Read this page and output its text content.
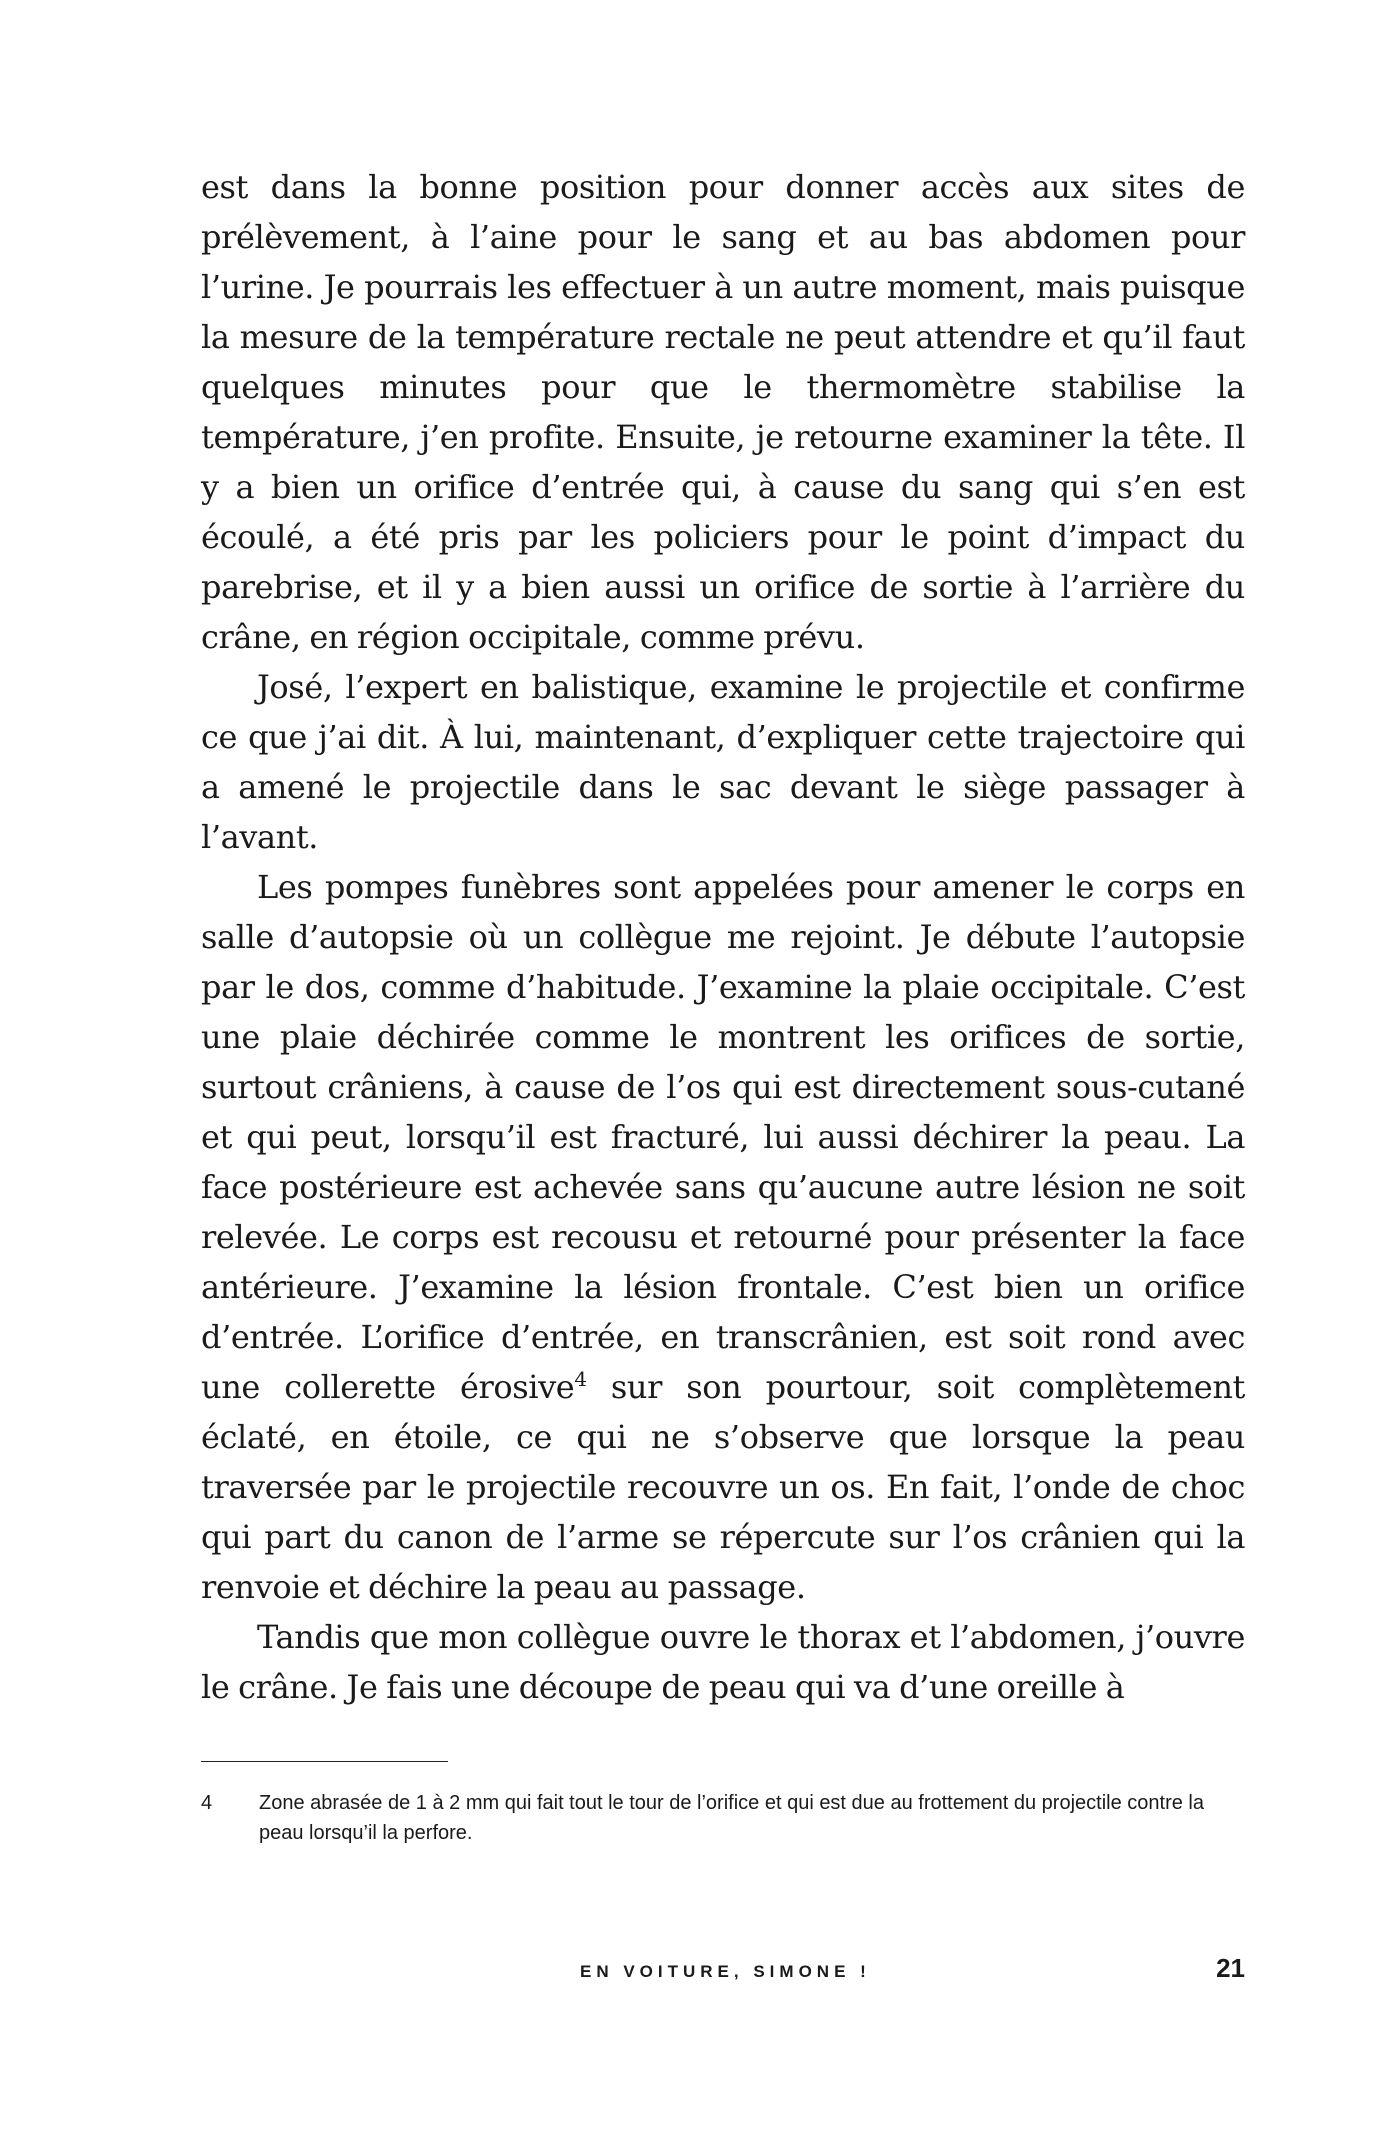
est dans la bonne position pour donner accès aux sites de prélèvement, à l’aine pour le sang et au bas abdomen pour l’urine. Je pourrais les effectuer à un autre moment, mais puisque la mesure de la température rectale ne peut attendre et qu’il faut quelques minutes pour que le thermomètre stabilise la température, j’en profite. Ensuite, je retourne examiner la tête. Il y a bien un orifice d’entrée qui, à cause du sang qui s’en est écoulé, a été pris par les policiers pour le point d’impact du parebrise, et il y a bien aussi un orifice de sortie à l’arrière du crâne, en région occipitale, comme prévu.

José, l’expert en balistique, examine le projectile et confirme ce que j’ai dit. À lui, maintenant, d’expliquer cette trajectoire qui a amené le projectile dans le sac devant le siège passager à l’avant.

Les pompes funèbres sont appelées pour amener le corps en salle d’autopsie où un collègue me rejoint. Je débute l’autopsie par le dos, comme d’habitude. J’examine la plaie occipitale. C’est une plaie déchirée comme le montrent les orifices de sortie, surtout crâniens, à cause de l’os qui est directement sous-cutané et qui peut, lorsqu’il est fracturé, lui aussi déchirer la peau. La face postérieure est achevée sans qu’aucune autre lésion ne soit relevée. Le corps est recousu et retourné pour présenter la face antérieure. J’examine la lésion frontale. C’est bien un orifice d’entrée. L’orifice d’entrée, en transcrânien, est soit rond avec une collerette érosive$^4$ sur son pourtour, soit complètement éclaté, en étoile, ce qui ne s’observe que lorsque la peau traversée par le projectile recouvre un os. En fait, l’onde de choc qui part du canon de l’arme se répercute sur l’os crânien qui la renvoie et déchire la peau au passage.

Tandis que mon collègue ouvre le thorax et l’abdomen, j’ouvre le crâne. Je fais une découpe de peau qui va d’une oreille à

4	Zone abrasée de 1 à 2 mm qui fait tout le tour de l’orifice et qui est due au frottement du projectile contre la peau lorsqu’il la perfore.
EN VOITURE, SIMONE !	21
